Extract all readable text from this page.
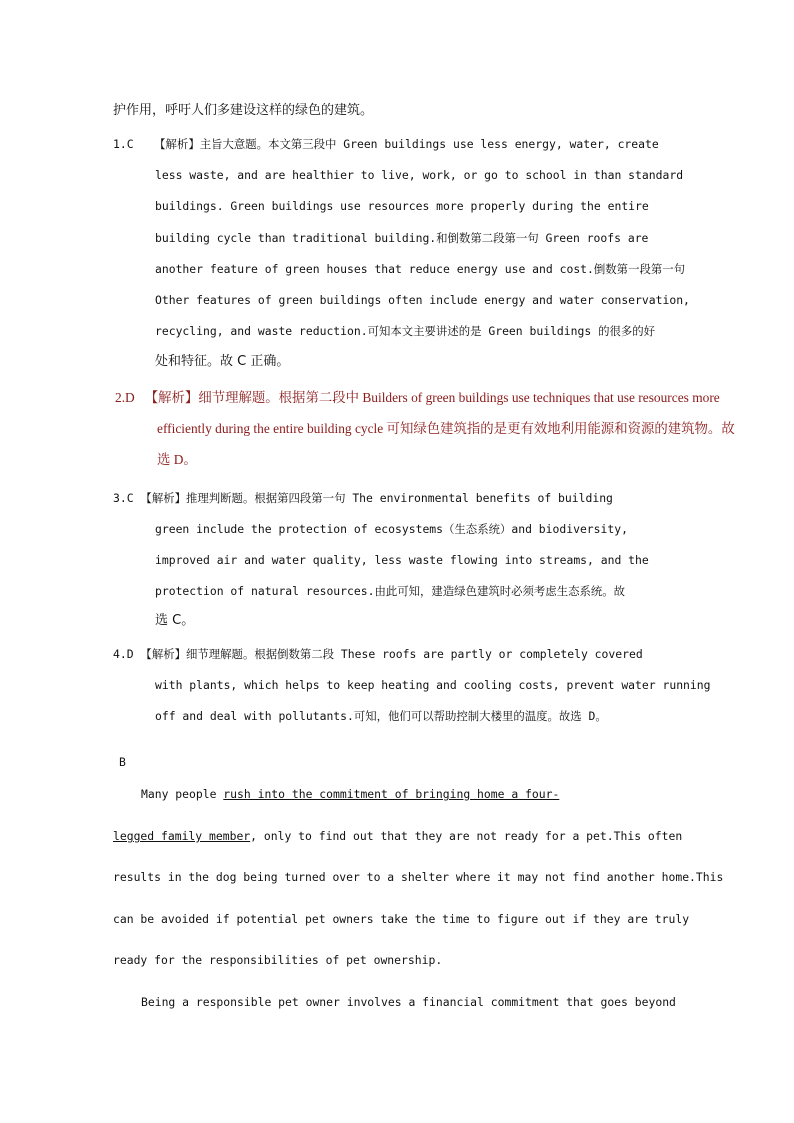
护作用，呼吁人们多建设这样的绿色的建筑。
1.C   【解析】主旨大意题。本文第三段中 Green buildings use less energy, water, create
less waste, and are healthier to live, work, or go to school in than standard
buildings. Green buildings use resources more properly during the entire
building cycle than traditional building.和倒数第二段第一句 Green roofs are
another feature of green houses that reduce energy use and cost.倒数第一段第一句
Other features of green buildings often include energy and water conservation,
recycling, and waste reduction.可知本文主要讲述的是 Green buildings 的很多的好
处和特征。故 C 正确。
2.D   【解析】细节理解题。根据第二段中 Builders of green buildings use techniques that use resources more
efficiently during the entire building cycle 可知绿色建筑指的是更有效地利用能源和资源的建筑物。故
选 D。
3.C 【解析】推理判断题。根据第四段第一句 The environmental benefits of building
green include the protection of ecosystems（生态系统）and biodiversity,
improved air and water quality, less waste flowing into streams, and the
protection of natural resources.由此可知，建造绿色建筑时必须考虑生态系统。故
选 C。
4.D 【解析】细节理解题。根据倒数第二段 These roofs are partly or completely covered
with plants, which helps to keep heating and cooling costs, prevent water running
off and deal with pollutants.可知，他们可以帮助控制大楼里的温度。故选 D。
B
Many people rush into the commitment of bringing home a four-
legged family member, only to find out that they are not ready for a pet.This often
results in the dog being turned over to a shelter where it may not find another home.This
can be avoided if potential pet owners take the time to figure out if they are truly
ready for the responsibilities of pet ownership.
Being a responsible pet owner involves a financial commitment that goes beyond
